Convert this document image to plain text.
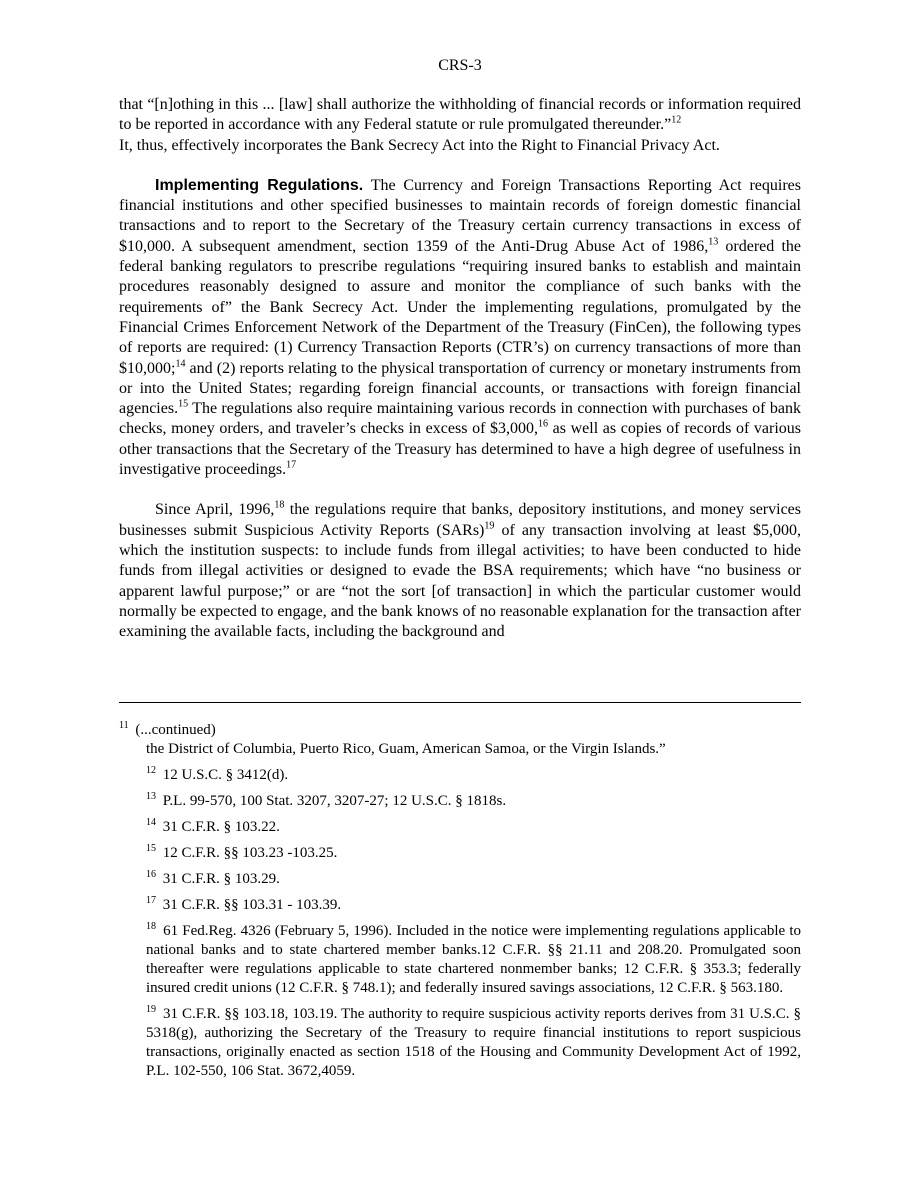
CRS-3

that “[n]othing in this ... [law] shall authorize the withholding of financial records or information required to be reported in accordance with any Federal statute or rule promulgated thereunder.”$^{12}$
It, thus, effectively incorporates the Bank Secrecy Act into the Right to Financial Privacy Act.

Implementing Regulations. The Currency and Foreign Transactions Reporting Act requires financial institutions and other specified businesses to maintain records of foreign domestic financial transactions and to report to the Secretary of the Treasury certain currency transactions in excess of $10,000. A subsequent amendment, section 1359 of the Anti-Drug Abuse Act of 1986,13 ordered the federal banking regulators to prescribe regulations “requiring insured banks to establish and maintain procedures reasonably designed to assure and monitor the compliance of such banks with the requirements of” the Bank Secrecy Act. Under the implementing regulations, promulgated by the Financial Crimes Enforcement Network of the Department of the Treasury (FinCen), the following types of reports are required: (1) Currency Transaction Reports (CTR’s) on currency transactions of more than $10,000;$^{14}$ and (2) reports relating to the physical transportation of currency or monetary instruments from or into the United States; regarding foreign financial accounts, or transactions with foreign financial agencies.$^{15}$ The regulations also require maintaining various records in connection with purchases of bank checks, money orders, and traveler’s checks in excess of $3,000,16 as well as copies of records of various other transactions that the Secretary of the Treasury has determined to have a high degree of usefulness in investigative proceedings.$^{17}$

Since April, 1996,18 the regulations require that banks, depository institutions, and money services businesses submit Suspicious Activity Reports (SARs)$^{19}$ of any transaction involving at least $5,000, which the institution suspects: to include funds from illegal activities; to have been conducted to hide funds from illegal activities or designed to evade the BSA requirements; which have “no business or apparent lawful purpose;” or are “not the sort [of transaction] in which the particular customer would normally be expected to engage, and the bank knows of no reasonable explanation for the transaction after examining the available facts, including the background and

$^{11}$ (...continued)
the District of Columbia, Puerto Rico, Guam, American Samoa, or the Virgin Islands.”
$^{12}$ 12 U.S.C. § 3412(d).
$^{13}$ P.L. 99-570, 100 Stat. 3207, 3207-27; 12 U.S.C. § 1818s.
$^{14}$ 31 C.F.R. § 103.22.
$^{15}$ 12 C.F.R. §§ 103.23 -103.25.
$^{16}$ 31 C.F.R. § 103.29.
$^{17}$ 31 C.F.R. §§ 103.31 - 103.39.
$^{18}$ 61 Fed.Reg. 4326 (February 5, 1996). Included in the notice were implementing regulations applicable to national banks and to state chartered member banks.12 C.F.R. §§ 21.11 and 208.20. Promulgated soon thereafter were regulations applicable to state chartered nonmember banks; 12 C.F.R. § 353.3; federally insured credit unions (12 C.F.R. § 748.1); and federally insured savings associations, 12 C.F.R. § 563.180.
$^{19}$ 31 C.F.R. §§ 103.18, 103.19. The authority to require suspicious activity reports derives from 31 U.S.C. § 5318(g), authorizing the Secretary of the Treasury to require financial institutions to report suspicious transactions, originally enacted as section 1518 of the Housing and Community Development Act of 1992, P.L. 102-550, 106 Stat. 3672,4059.
